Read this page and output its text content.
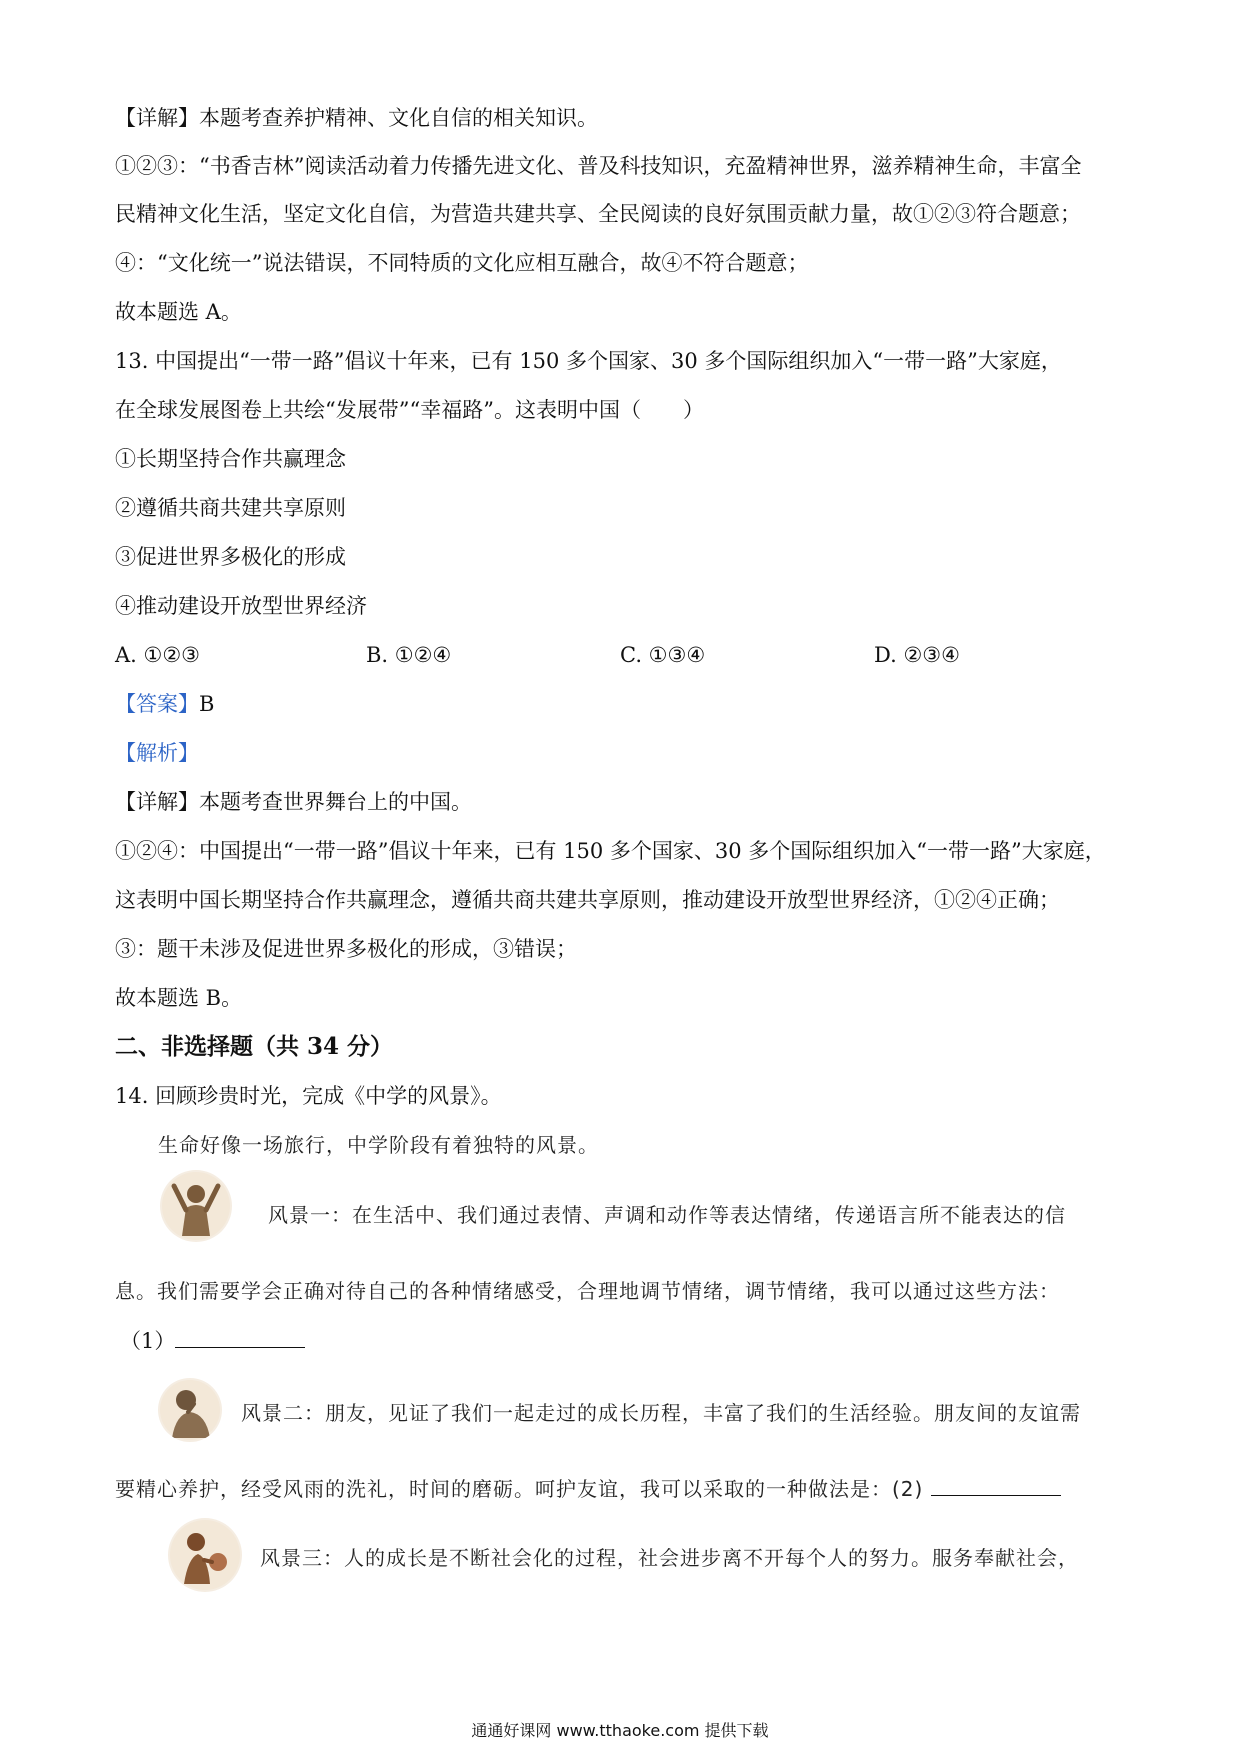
【详解】本题考查养护精神、文化自信的相关知识。
①②③：“书香吉林”阅读活动着力传播先进文化、普及科技知识，充盈精神世界，滋养精神生命，丰富全
民精神文化生活，坚定文化自信，为营造共建共享、全民阅读的良好氛围贡献力量，故①②③符合题意；
④：“文化统一”说法错误，不同特质的文化应相互融合，故④不符合题意；
故本题选 A。
13. 中国提出“一带一路”倡议十年来，已有 150 多个国家、30 多个国际组织加入“一带一路”大家庭，
在全球发展图卷上共绘“发展带”“幸福路”。这表明中国（　　）
①长期坚持合作共赢理念
②遵循共商共建共享原则
③促进世界多极化的形成
④推动建设开放型世界经济
A. ①②③	B. ①②④	C. ①③④	D. ②③④
【答案】B
【解析】
【详解】本题考查世界舞台上的中国。
①②④：中国提出“一带一路”倡议十年来，已有 150 多个国家、30 多个国际组织加入“一带一路”大家庭，
这表明中国长期坚持合作共赢理念，遵循共商共建共享原则，推动建设开放型世界经济，①②④正确；
③：题干未涉及促进世界多极化的形成，③错误；
故本题选 B。
二、非选择题（共 34 分）
14. 回顾珍贵时光，完成《中学的风景》。
生命好像一场旅行，中学阶段有着独特的风景。
风景一：在生活中、我们通过表情、声调和动作等表达情绪，传递语言所不能表达的信
息。我们需要学会正确对待自己的各种情绪感受，合理地调节情绪，调节情绪，我可以通过这些方法：
（1）
风景二：朋友，见证了我们一起走过的成长历程，丰富了我们的生活经验。朋友间的友谊需
要精心养护，经受风雨的洗礼，时间的磨砺。呵护友谊，我可以采取的一种做法是：(2)
风景三：人的成长是不断社会化的过程，社会进步离不开每个人的努力。服务奉献社会，
通通好课网 www.tthaoke.com 提供下载
